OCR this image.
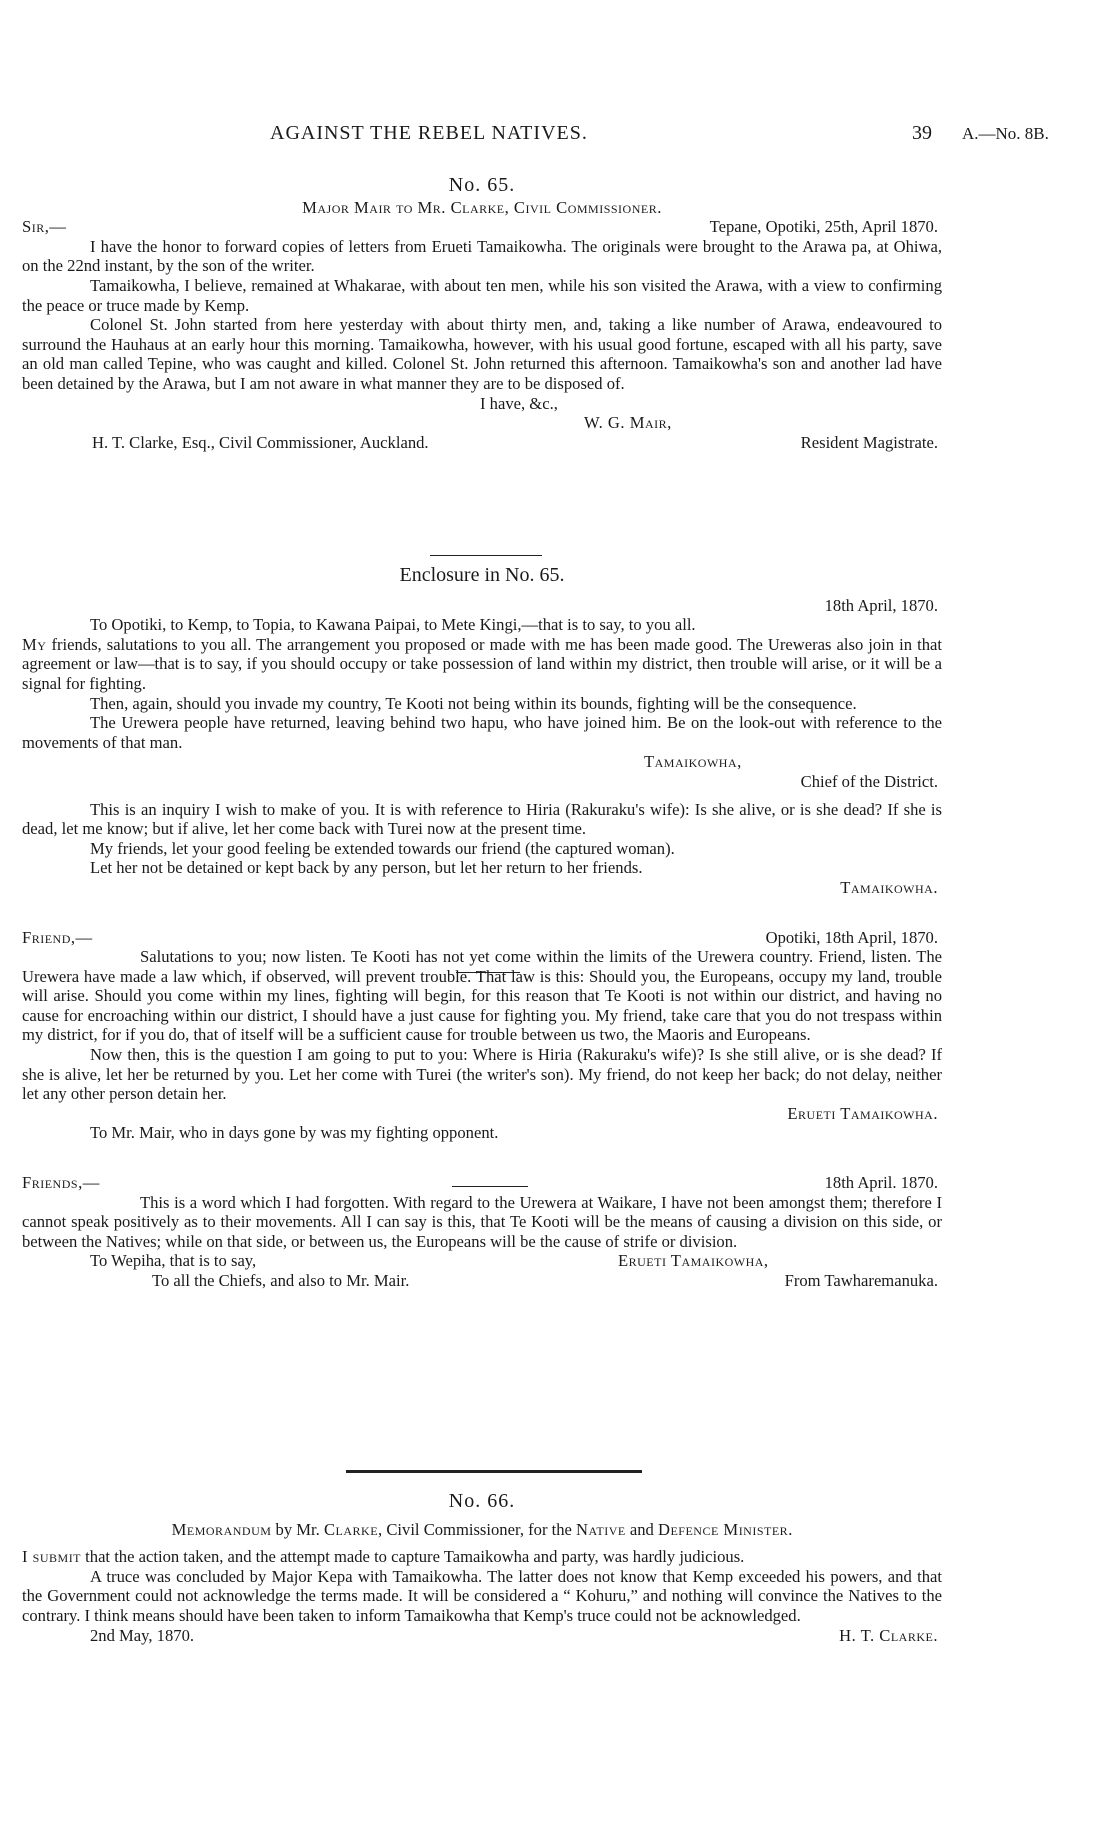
AGAINST THE REBEL NATIVES.	39 A.—No. 8B.
No. 65.
Major Mair to Mr. Clarke, Civil Commissioner.
Sir,—	Tepane, Opotiki, 25th, April 1870.

I have the honor to forward copies of letters from Erueti Tamaikowha. The originals were brought to the Arawa pa, at Ohiwa, on the 22nd instant, by the son of the writer.

Tamaikowha, I believe, remained at Whakarae, with about ten men, while his son visited the Arawa, with a view to confirming the peace or truce made by Kemp.

Colonel St. John started from here yesterday with about thirty men, and, taking a like number of Arawa, endeavoured to surround the Hauhaus at an early hour this morning. Tamaikowha, however, with his usual good fortune, escaped with all his party, save an old man called Tepine, who was caught and killed. Colonel St. John returned this afternoon. Tamaikowha's son and another lad have been detained by the Arawa, but I am not aware in what manner they are to be disposed of.

I have, &c.,
W. G. Mair,
H. T. Clarke, Esq., Civil Commissioner, Auckland.	Resident Magistrate.
Enclosure in No. 65.
18th April, 1870.

To Opotiki, to Kemp, to Topia, to Kawana Paipai, to Mete Kingi,—that is to say, to you all.

My friends, salutations to you all. The arrangement you proposed or made with me has been made good. The Ureweras also join in that agreement or law—that is to say, if you should occupy or take possession of land within my district, then trouble will arise, or it will be a signal for fighting.

Then, again, should you invade my country, Te Kooti not being within its bounds, fighting will be the consequence.

The Urewera people have returned, leaving behind two hapu, who have joined him. Be on the look-out with reference to the movements of that man.

Tamaikowha,
Chief of the District.

This is an inquiry I wish to make of you. It is with reference to Hiria (Rakuraku's wife): Is she alive, or is she dead? If she is dead, let me know; but if alive, let her come back with Turei now at the present time.

My friends, let your good feeling be extended towards our friend (the captured woman).

Let her not be detained or kept back by any person, but let her return to her friends.

Tamaikowha.
Friend,—	Opotiki, 18th April, 1870.

Salutations to you; now listen. Te Kooti has not yet come within the limits of the Urewera country. Friend, listen. The Urewera have made a law which, if observed, will prevent trouble. That law is this: Should you, the Europeans, occupy my land, trouble will arise. Should you come within my lines, fighting will begin, for this reason that Te Kooti is not within our district, and having no cause for encroaching within our district, I should have a just cause for fighting you. My friend, take care that you do not trespass within my district, for if you do, that of itself will be a sufficient cause for trouble between us two, the Maoris and Europeans.

Now then, this is the question I am going to put to you: Where is Hiria (Rakuraku's wife)? Is she still alive, or is she dead? If she is alive, let her be returned by you. Let her come with Turei (the writer's son). My friend, do not keep her back; do not delay, neither let any other person detain her.

Erueti Tamaikowha.

To Mr. Mair, who in days gone by was my fighting opponent.

Friends,—	18th April. 1870.

This is a word which I had forgotten. With regard to the Urewera at Waikare, I have not been amongst them; therefore I cannot speak positively as to their movements. All I can say is this, that Te Kooti will be the means of causing a division on this side, or between the Natives; while on that side, or between us, the Europeans will be the cause of strife or division.

To Wepiha, that is to say,	Erueti Tamaikowha,
To all the Chiefs, and also to Mr. Mair.	From Tawharemanuka.
No. 66.
Memorandum by Mr. Clarke, Civil Commissioner, for the Native and Defence Minister.

I submit that the action taken, and the attempt made to capture Tamaikowha and party, was hardly judicious.

A truce was concluded by Major Kepa with Tamaikowha. The latter does not know that Kemp exceeded his powers, and that the Government could not acknowledge the terms made. It will be considered a “ Kohuru,” and nothing will convince the Natives to the contrary. I think means should have been taken to inform Tamaikowha that Kemp's truce could not be acknowledged.

2nd May, 1870.	H. T. Clarke.
